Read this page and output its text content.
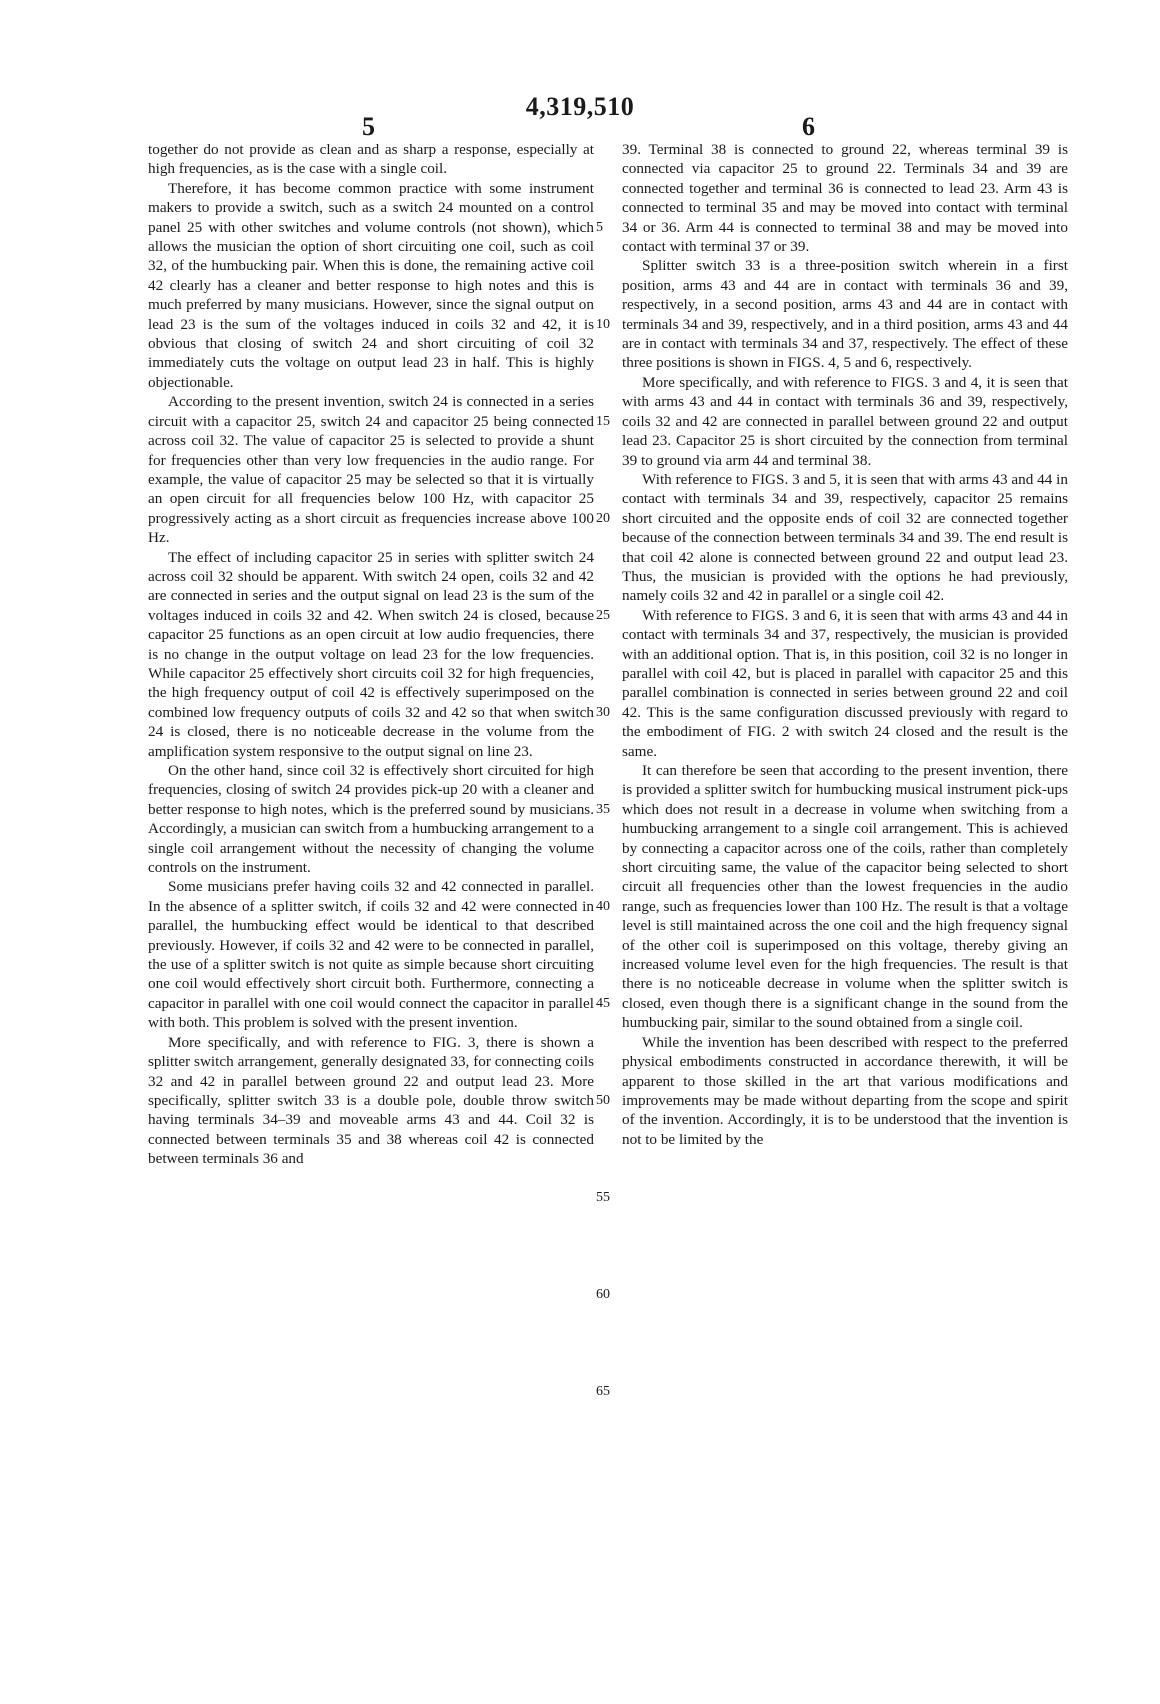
4,319,510
5	6

together do not provide as clean and as sharp a response, especially at high frequencies, as is the case with a single coil.

Therefore, it has become common practice with some instrument makers to provide a switch, such as a switch 24 mounted on a control panel 25 with other switches and volume controls (not shown), which allows the musician the option of short circuiting one coil, such as coil 32, of the humbucking pair. When this is done, the remaining active coil 42 clearly has a cleaner and better response to high notes and this is much preferred by many musicians. However, since the signal output on lead 23 is the sum of the voltages induced in coils 32 and 42, it is obvious that closing of switch 24 and short circuiting of coil 32 immediately cuts the voltage on output lead 23 in half. This is highly objectionable.

According to the present invention, switch 24 is connected in a series circuit with a capacitor 25, switch 24 and capacitor 25 being connected across coil 32. The value of capacitor 25 is selected to provide a shunt for frequencies other than very low frequencies in the audio range. For example, the value of capacitor 25 may be selected so that it is virtually an open circuit for all frequencies below 100 Hz, with capacitor 25 progressively acting as a short circuit as frequencies increase above 100 Hz.

The effect of including capacitor 25 in series with splitter switch 24 across coil 32 should be apparent. With switch 24 open, coils 32 and 42 are connected in series and the output signal on lead 23 is the sum of the voltages induced in coils 32 and 42. When switch 24 is closed, because capacitor 25 functions as an open circuit at low audio frequencies, there is no change in the output voltage on lead 23 for the low frequencies. While capacitor 25 effectively short circuits coil 32 for high frequencies, the high frequency output of coil 42 is effectively superimposed on the combined low frequency outputs of coils 32 and 42 so that when switch 24 is closed, there is no noticeable decrease in the volume from the amplification system responsive to the output signal on line 23.

On the other hand, since coil 32 is effectively short circuited for high frequencies, closing of switch 24 provides pick-up 20 with a cleaner and better response to high notes, which is the preferred sound by musicians. Accordingly, a musician can switch from a humbucking arrangement to a single coil arrangement without the necessity of changing the volume controls on the instrument.

Some musicians prefer having coils 32 and 42 connected in parallel. In the absence of a splitter switch, if coils 32 and 42 were connected in parallel, the humbucking effect would be identical to that described previously. However, if coils 32 and 42 were to be connected in parallel, the use of a splitter switch is not quite as simple because short circuiting one coil would effectively short circuit both. Furthermore, connecting a capacitor in parallel with one coil would connect the capacitor in parallel with both. This problem is solved with the present invention.

More specifically, and with reference to FIG. 3, there is shown a splitter switch arrangement, generally designated 33, for connecting coils 32 and 42 in parallel between ground 22 and output lead 23. More specifically, splitter switch 33 is a double pole, double throw switch having terminals 34–39 and moveable arms 43 and 44. Coil 32 is connected between terminals 35 and 38 whereas coil 42 is connected between terminals 36 and

5
10
15
20
25
30
35
40
45
50
55
60
65

39. Terminal 38 is connected to ground 22, whereas terminal 39 is connected via capacitor 25 to ground 22. Terminals 34 and 39 are connected together and terminal 36 is connected to lead 23. Arm 43 is connected to terminal 35 and may be moved into contact with terminal 34 or 36. Arm 44 is connected to terminal 38 and may be moved into contact with terminal 37 or 39.

Splitter switch 33 is a three-position switch wherein in a first position, arms 43 and 44 are in contact with terminals 36 and 39, respectively, in a second position, arms 43 and 44 are in contact with terminals 34 and 39, respectively, and in a third position, arms 43 and 44 are in contact with terminals 34 and 37, respectively. The effect of these three positions is shown in FIGS. 4, 5 and 6, respectively.

More specifically, and with reference to FIGS. 3 and 4, it is seen that with arms 43 and 44 in contact with terminals 36 and 39, respectively, coils 32 and 42 are connected in parallel between ground 22 and output lead 23. Capacitor 25 is short circuited by the connection from terminal 39 to ground via arm 44 and terminal 38.

With reference to FIGS. 3 and 5, it is seen that with arms 43 and 44 in contact with terminals 34 and 39, respectively, capacitor 25 remains short circuited and the opposite ends of coil 32 are connected together because of the connection between terminals 34 and 39. The end result is that coil 42 alone is connected between ground 22 and output lead 23. Thus, the musician is provided with the options he had previously, namely coils 32 and 42 in parallel or a single coil 42.

With reference to FIGS. 3 and 6, it is seen that with arms 43 and 44 in contact with terminals 34 and 37, respectively, the musician is provided with an additional option. That is, in this position, coil 32 is no longer in parallel with coil 42, but is placed in parallel with capacitor 25 and this parallel combination is connected in series between ground 22 and coil 42. This is the same configuration discussed previously with regard to the embodiment of FIG. 2 with switch 24 closed and the result is the same.

It can therefore be seen that according to the present invention, there is provided a splitter switch for humbucking musical instrument pick-ups which does not result in a decrease in volume when switching from a humbucking arrangement to a single coil arrangement. This is achieved by connecting a capacitor across one of the coils, rather than completely short circuiting same, the value of the capacitor being selected to short circuit all frequencies other than the lowest frequencies in the audio range, such as frequencies lower than 100 Hz. The result is that a voltage level is still maintained across the one coil and the high frequency signal of the other coil is superimposed on this voltage, thereby giving an increased volume level even for the high frequencies. The result is that there is no noticeable decrease in volume when the splitter switch is closed, even though there is a significant change in the sound from the humbucking pair, similar to the sound obtained from a single coil.

While the invention has been described with respect to the preferred physical embodiments constructed in accordance therewith, it will be apparent to those skilled in the art that various modifications and improvements may be made without departing from the scope and spirit of the invention. Accordingly, it is to be understood that the invention is not to be limited by the
